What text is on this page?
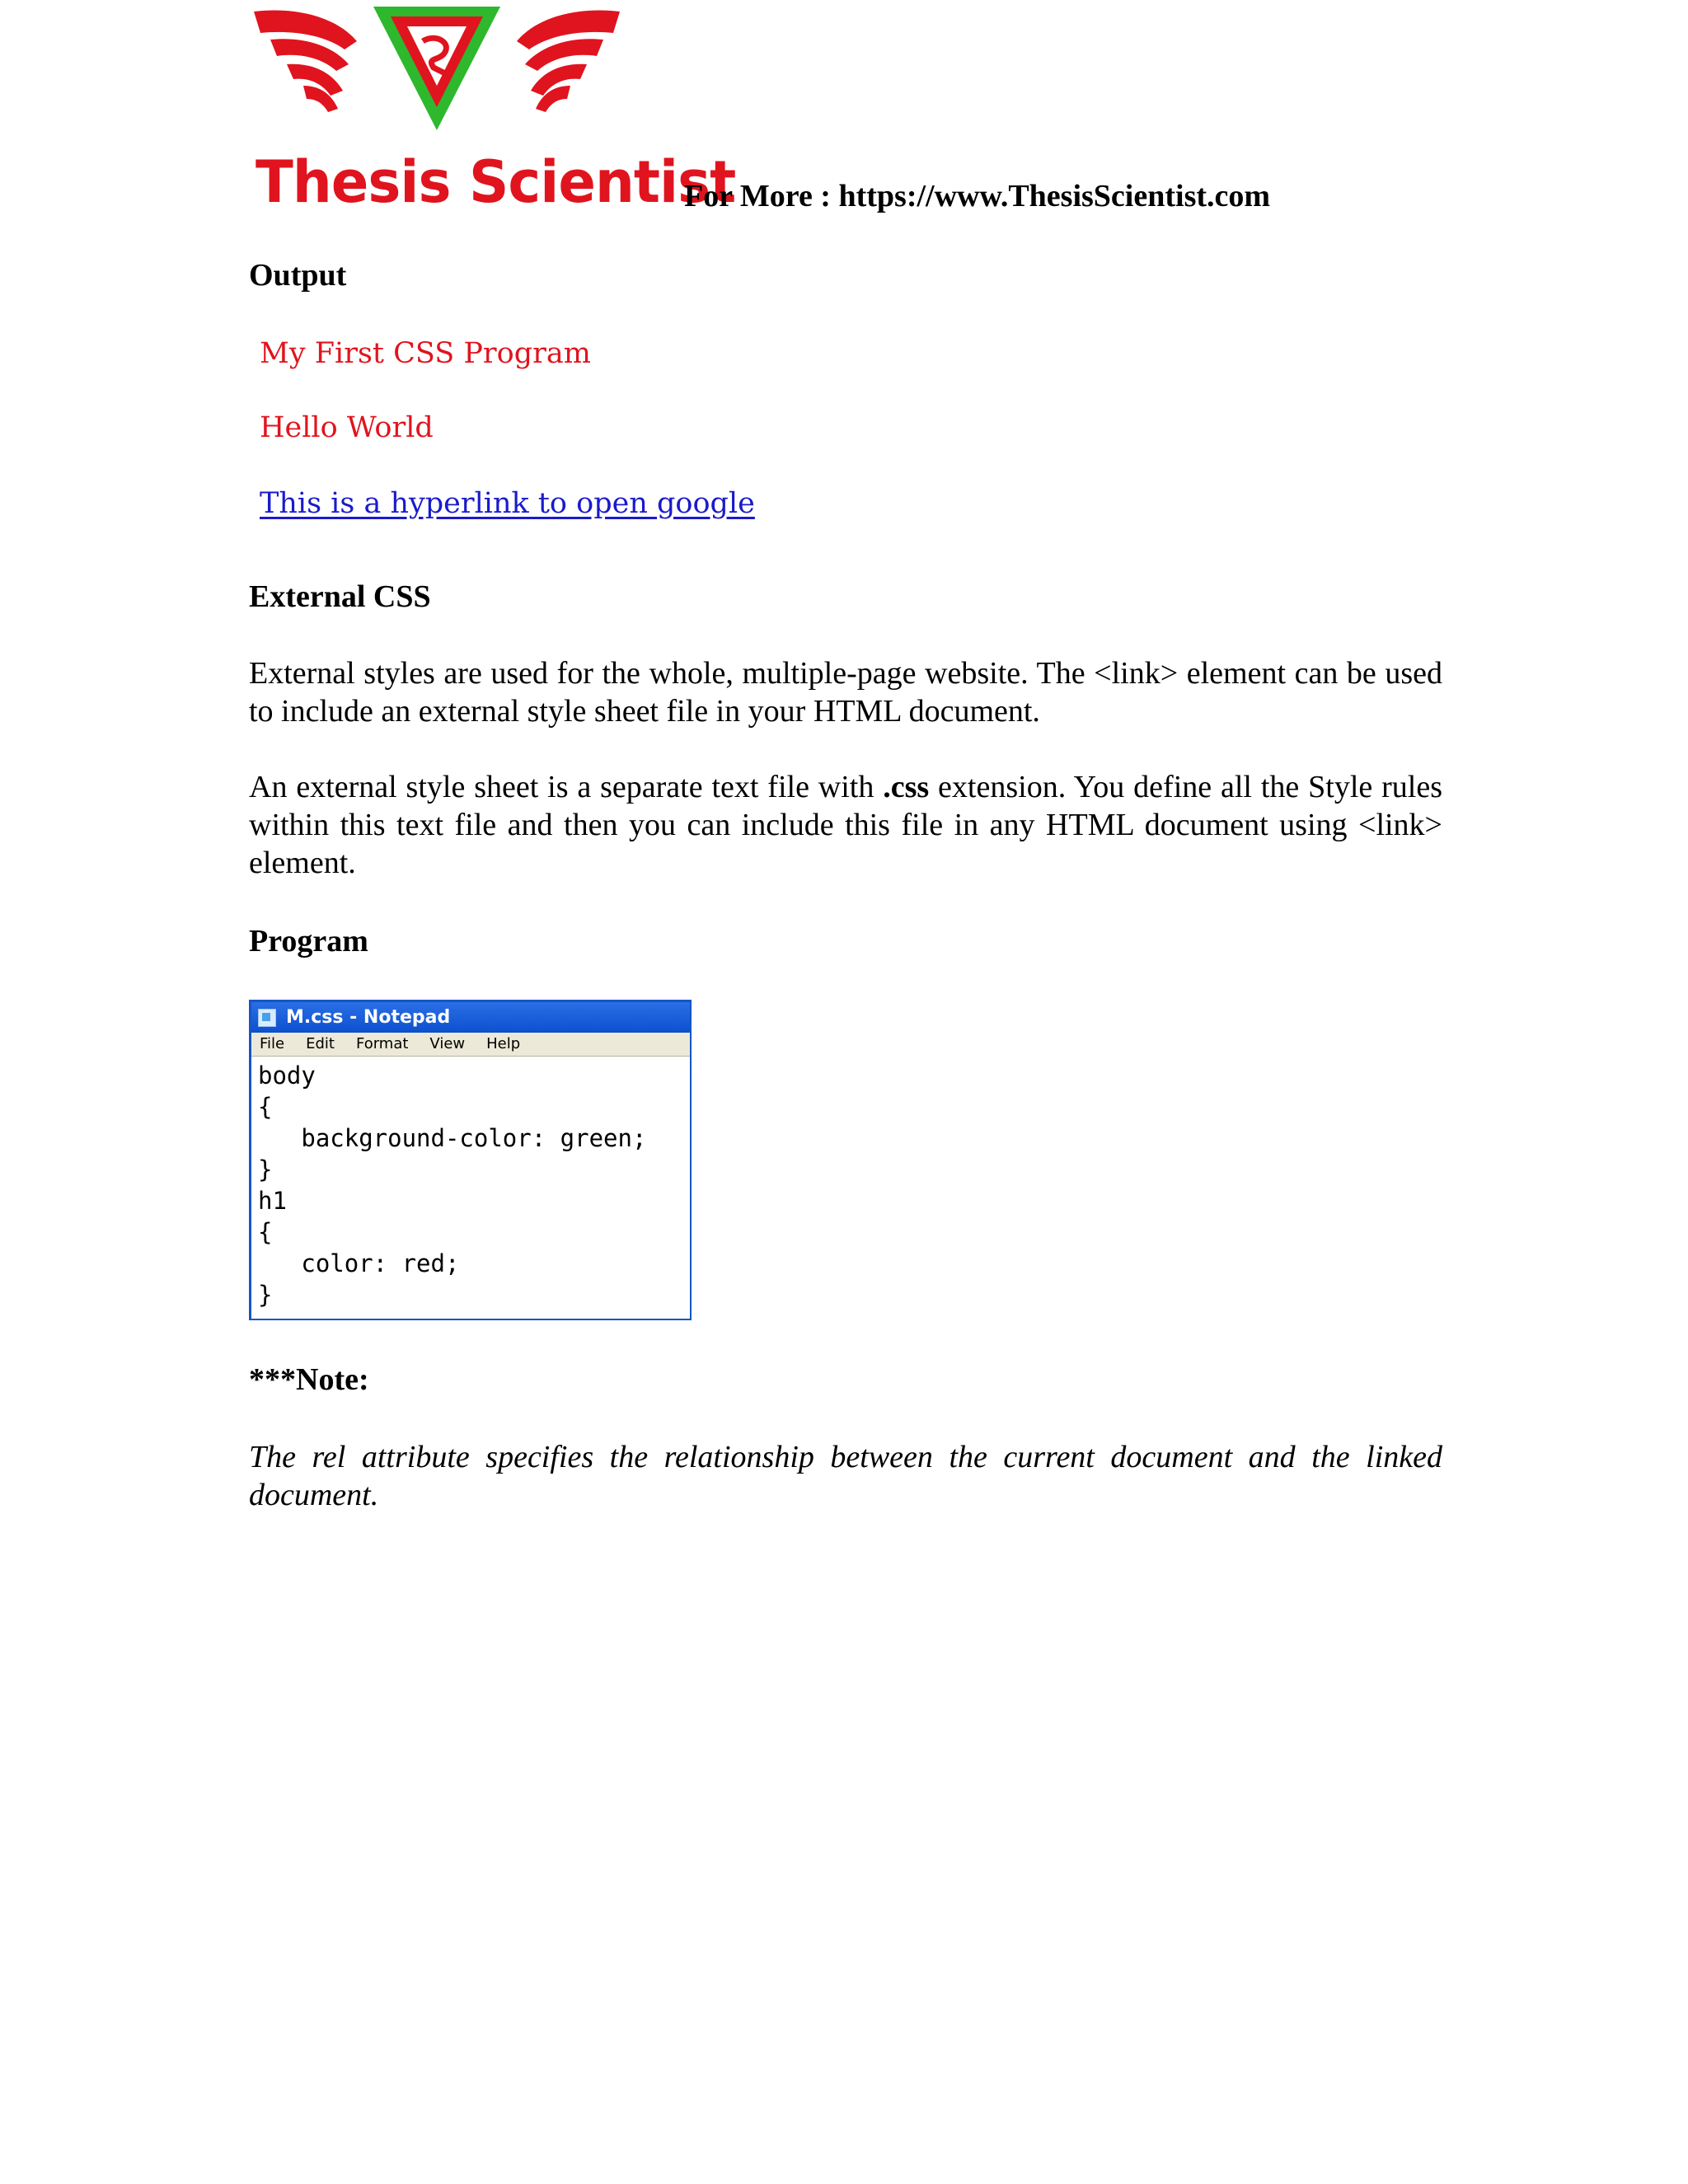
Thesis Scientist
For More : https://www.ThesisScientist.com
Output
My First CSS Program
Hello World
This is a hyperlink to open google
External CSS
External styles are used for the whole, multiple-page website. The <link> element can be used to include an external style sheet file in your HTML document.
An external style sheet is a separate text file with .css extension. You define all the Style rules within this text file and then you can include this file in any HTML document using <link> element.
Program
M.css - Notepad
File Edit Format View Help
body
{
background-color: green;
}
h1
{
color: red;
}
***Note:
The rel attribute specifies the relationship between the current document and the linked document.
